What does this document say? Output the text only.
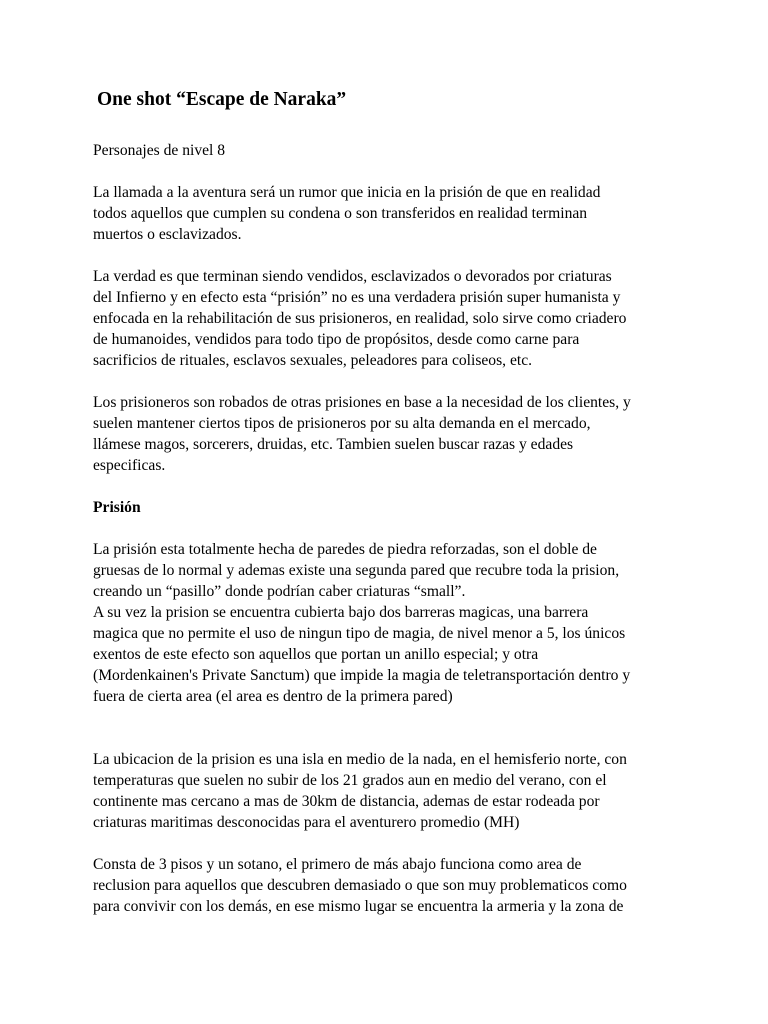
One shot “Escape de Naraka”

Personajes de nivel 8

La llamada a la aventura será un rumor que inicia en la prisión de que en realidad
todos aquellos que cumplen su condena o son transferidos en realidad terminan
muertos o esclavizados.

La verdad es que terminan siendo vendidos, esclavizados o devorados por criaturas
del Infierno y en efecto esta “prisión” no es una verdadera prisión super humanista y
enfocada en la rehabilitación de sus prisioneros, en realidad, solo sirve como criadero
de humanoides, vendidos para todo tipo de propósitos, desde como carne para
sacrificios de rituales, esclavos sexuales, peleadores para coliseos, etc.

Los prisioneros son robados de otras prisiones en base a la necesidad de los clientes, y
suelen mantener ciertos tipos de prisioneros por su alta demanda en el mercado,
llámese magos, sorcerers, druidas, etc. Tambien suelen buscar razas y edades
especificas.

Prisión

La prisión esta totalmente hecha de paredes de piedra reforzadas, son el doble de
gruesas de lo normal y ademas existe una segunda pared que recubre toda la prision,
creando un “pasillo” donde podrían caber criaturas “small”.
A su vez la prision se encuentra cubierta bajo dos barreras magicas, una barrera
magica que no permite el uso de ningun tipo de magia, de nivel menor a 5, los únicos
exentos de este efecto son aquellos que portan un anillo especial; y otra
(Mordenkainen's Private Sanctum) que impide la magia de teletransportación dentro y
fuera de cierta area (el area es dentro de la primera pared)

La ubicacion de la prision es una isla en medio de la nada, en el hemisferio norte, con
temperaturas que suelen no subir de los 21 grados aun en medio del verano, con el
continente mas cercano a mas de 30km de distancia, ademas de estar rodeada por
criaturas maritimas desconocidas para el aventurero promedio (MH)

Consta de 3 pisos y un sotano, el primero de más abajo funciona como area de
reclusion para aquellos que descubren demasiado o que son muy problematicos como
para convivir con los demás, en ese mismo lugar se encuentra la armeria y la zona de
